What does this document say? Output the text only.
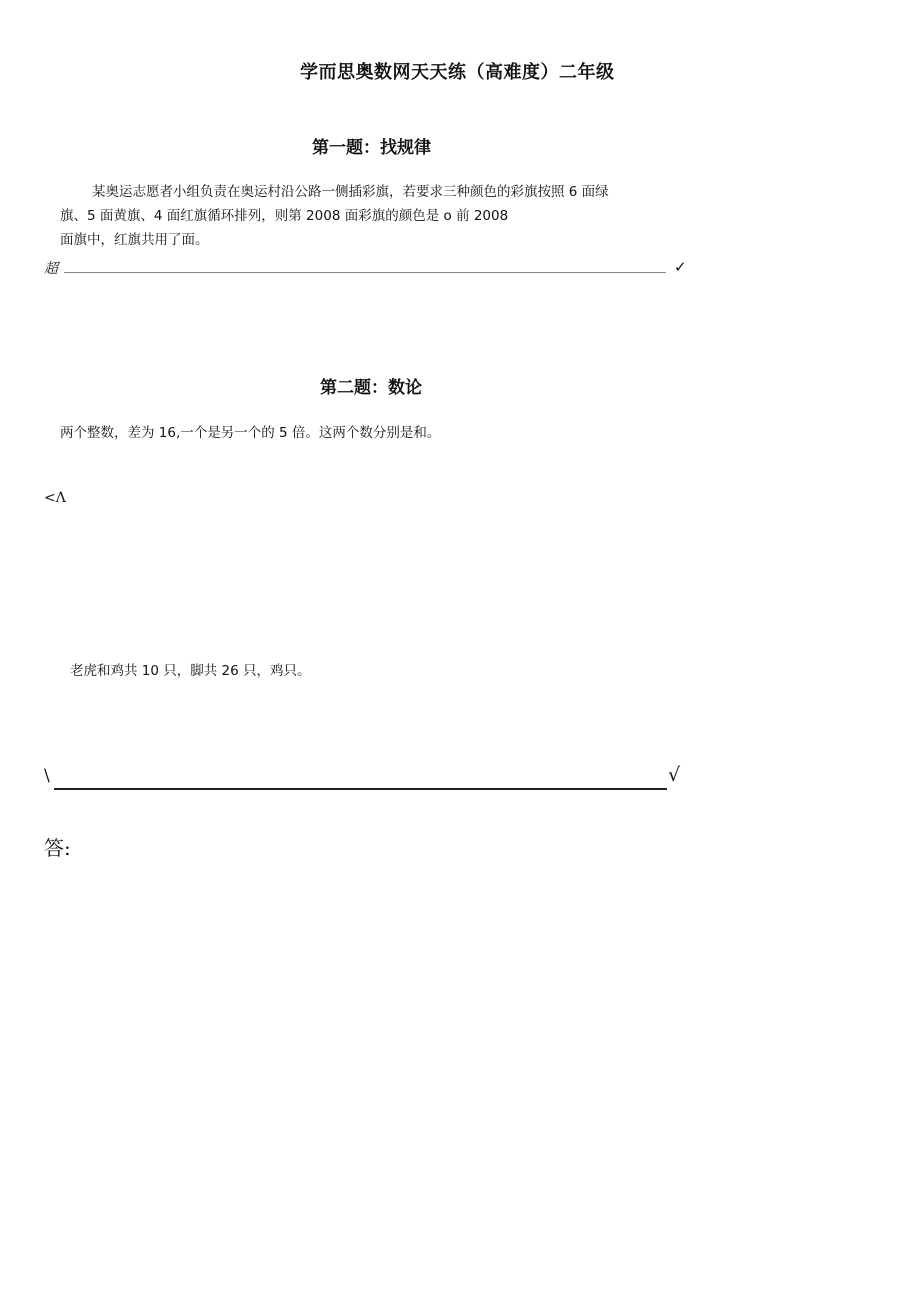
学而思奥数网天天练（高难度）二年级
第一题：找规律
某奥运志愿者小组负责在奥运村沿公路一侧插彩旗，若要求三种颜色的彩旗按照 6 面绿
旗、5 面黄旗、4 面红旗循环排列，则第 2008 面彩旗的颜色是 o 前 2008
面旗中，红旗共用了面。
超	✓
第二题：数论
两个整数，差为 16,一个是另一个的 5 倍。这两个数分别是和。
<Λ
老虎和鸡共 10 只，脚共 26 只，鸡只。
\	√
答:
